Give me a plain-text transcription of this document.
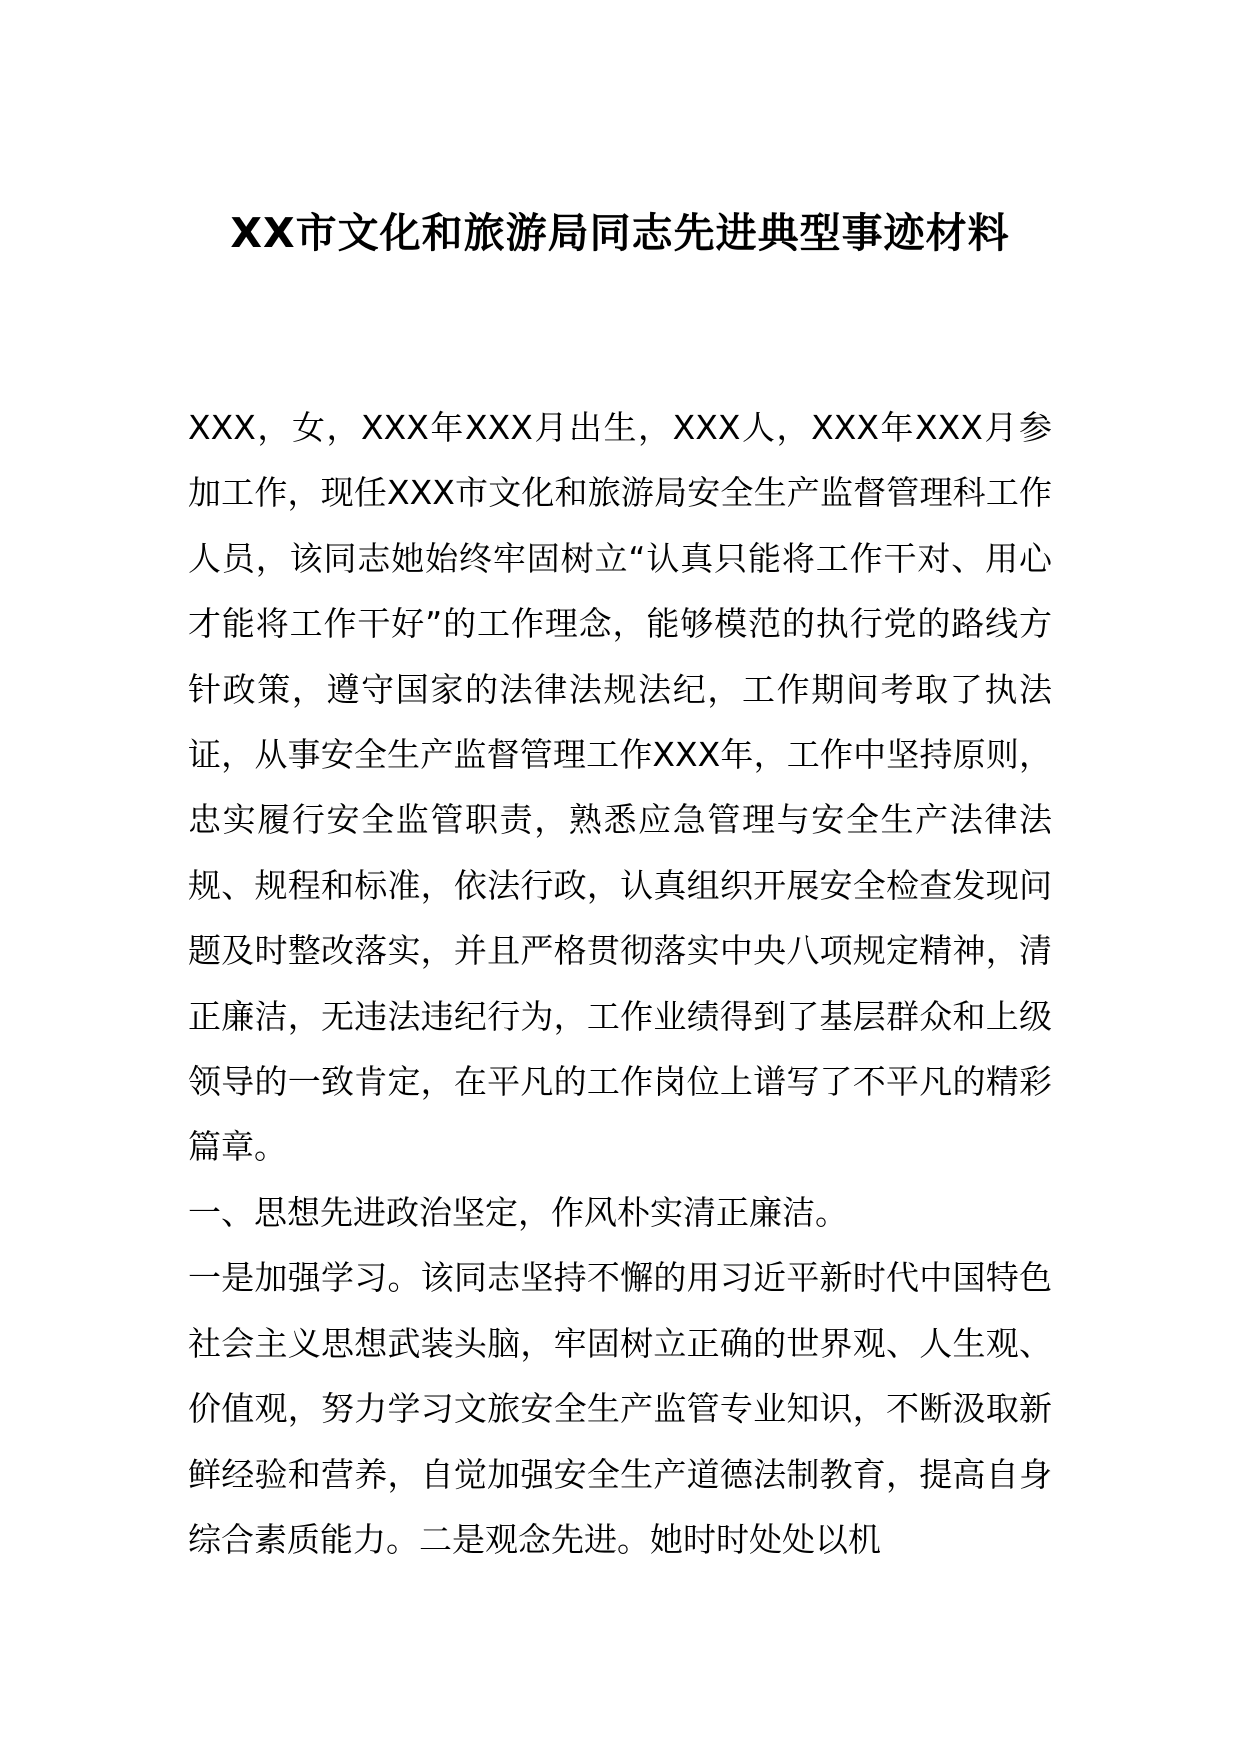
XX市文化和旅游局同志先进典型事迹材料

XXX，女，XXX年XXX月出生，XXX人，XXX年XXX月参加工作，现任XXX市文化和旅游局安全生产监督管理科工作人员，该同志她始终牢固树立“认真只能将工作干对、用心才能将工作干好”的工作理念，能够模范的执行党的路线方针政策，遵守国家的法律法规法纪，工作期间考取了执法证，从事安全生产监督管理工作XXX年，工作中坚持原则，忠实履行安全监管职责，熟悉应急管理与安全生产法律法规、规程和标准，依法行政，认真组织开展安全检查发现问题及时整改落实，并且严格贯彻落实中央八项规定精神，清正廉洁，无违法违纪行为，工作业绩得到了基层群众和上级领导的一致肯定，在平凡的工作岗位上谱写了不平凡的精彩篇章。

一、思想先进政治坚定，作风朴实清正廉洁。

一是加强学习。该同志坚持不懈的用习近平新时代中国特色社会主义思想武装头脑，牢固树立正确的世界观、人生观、价值观，努力学习文旅安全生产监管专业知识，不断汲取新鲜经验和营养，自觉加强安全生产道德法制教育，提高自身综合素质能力。二是观念先进。她时时处处以机
